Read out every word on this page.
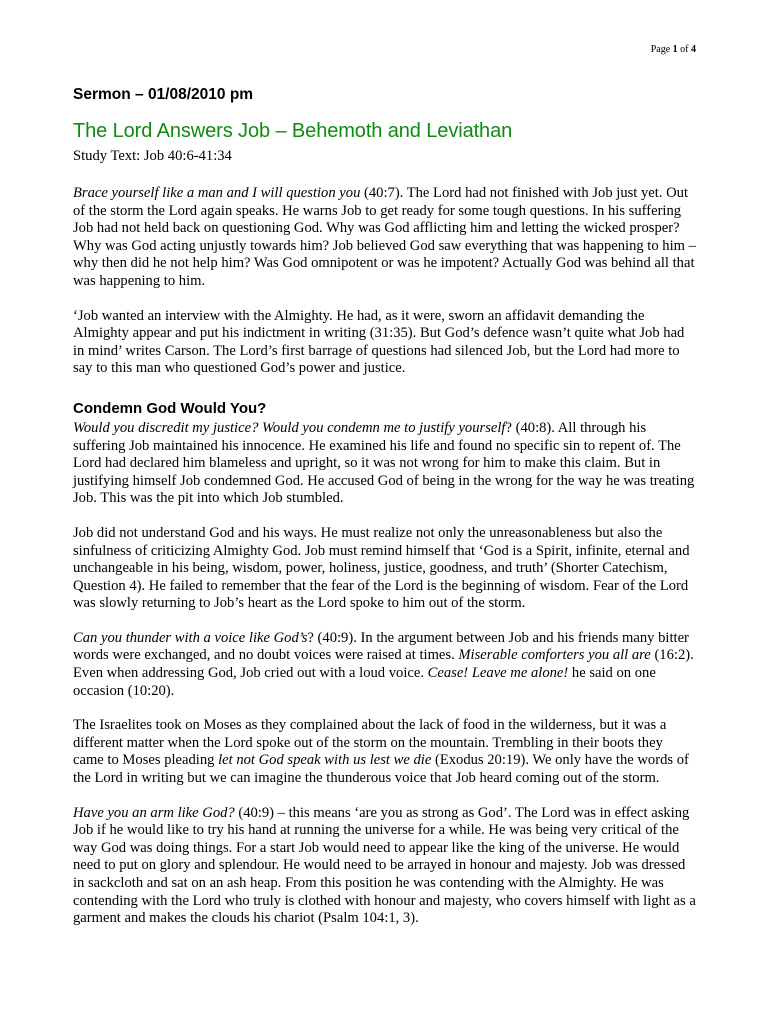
Page 1 of 4
Sermon – 01/08/2010 pm
The Lord Answers Job – Behemoth and Leviathan

Study Text: Job 40:6-41:34

Brace yourself like a man and I will question you (40:7). The Lord had not finished with Job just yet. Out of the storm the Lord again speaks. He warns Job to get ready for some tough questions. In his suffering Job had not held back on questioning God. Why was God afflicting him and letting the wicked prosper? Why was God acting unjustly towards him? Job believed God saw everything that was happening to him – why then did he not help him? Was God omnipotent or was he impotent? Actually God was behind all that was happening to him.

‘Job wanted an interview with the Almighty. He had, as it were, sworn an affidavit demanding the Almighty appear and put his indictment in writing (31:35). But God’s defence wasn’t quite what Job had in mind’ writes Carson. The Lord’s first barrage of questions had silenced Job, but the Lord had more to say to this man who questioned God’s power and justice.

Condemn God Would You?

Would you discredit my justice? Would you condemn me to justify yourself? (40:8). All through his suffering Job maintained his innocence. He examined his life and found no specific sin to repent of. The Lord had declared him blameless and upright, so it was not wrong for him to make this claim. But in justifying himself Job condemned God. He accused God of being in the wrong for the way he was treating Job. This was the pit into which Job stumbled.

Job did not understand God and his ways. He must realize not only the unreasonableness but also the sinfulness of criticizing Almighty God. Job must remind himself that ‘God is a Spirit, infinite, eternal and unchangeable in his being, wisdom, power, holiness, justice, goodness, and truth’ (Shorter Catechism, Question 4). He failed to remember that the fear of the Lord is the beginning of wisdom. Fear of the Lord was slowly returning to Job’s heart as the Lord spoke to him out of the storm.

Can you thunder with a voice like God’s? (40:9). In the argument between Job and his friends many bitter words were exchanged, and no doubt voices were raised at times. Miserable comforters you all are (16:2). Even when addressing God, Job cried out with a loud voice. Cease! Leave me alone! he said on one occasion (10:20).

The Israelites took on Moses as they complained about the lack of food in the wilderness, but it was a different matter when the Lord spoke out of the storm on the mountain. Trembling in their boots they came to Moses pleading let not God speak with us lest we die (Exodus 20:19). We only have the words of the Lord in writing but we can imagine the thunderous voice that Job heard coming out of the storm.

Have you an arm like God? (40:9) – this means ‘are you as strong as God’. The Lord was in effect asking Job if he would like to try his hand at running the universe for a while. He was being very critical of the way God was doing things. For a start Job would need to appear like the king of the universe. He would need to put on glory and splendour. He would need to be arrayed in honour and majesty. Job was dressed in sackcloth and sat on an ash heap. From this position he was contending with the Almighty. He was contending with the Lord who truly is clothed with honour and majesty, who covers himself with light as a garment and makes the clouds his chariot (Psalm 104:1, 3).
